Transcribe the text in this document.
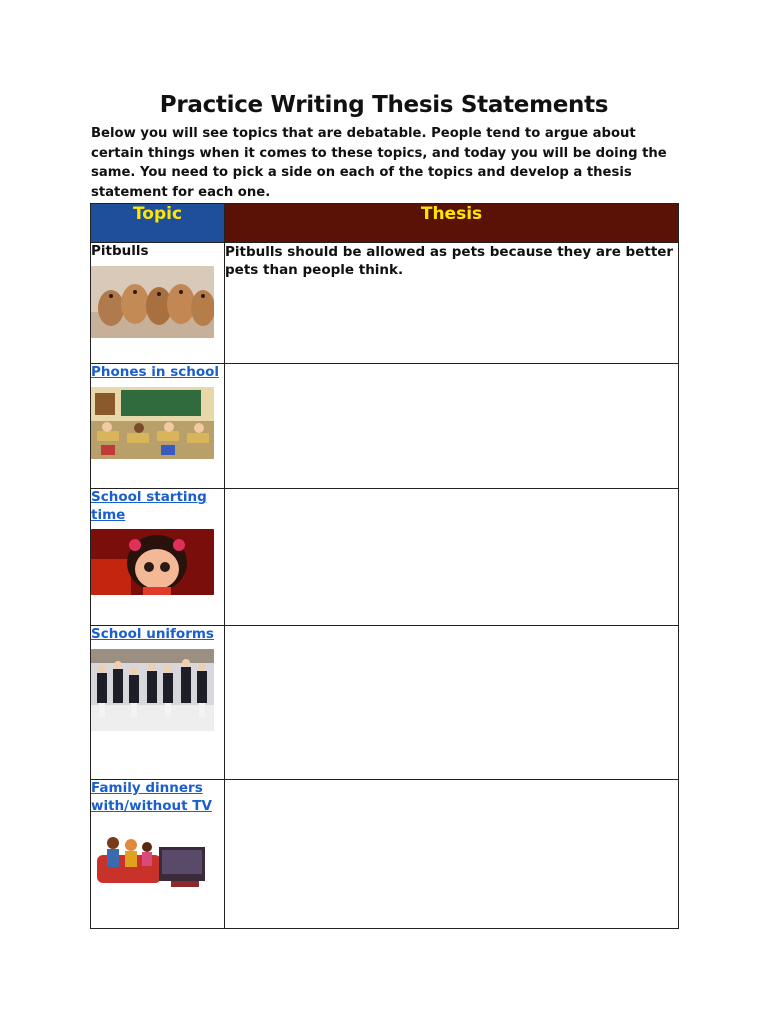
Practice Writing Thesis Statements

Below you will see topics that are debatable. People tend to argue about certain things when it comes to these topics, and today you will be doing the same. You need to pick a side on each of the topics and develop a thesis statement for each one.

Topic	Thesis

Pitbulls	Pitbulls should be allowed as pets because they are better pets than people think.

Phones in school	

School starting time	

School uniforms	

Family dinners with/without TV	
